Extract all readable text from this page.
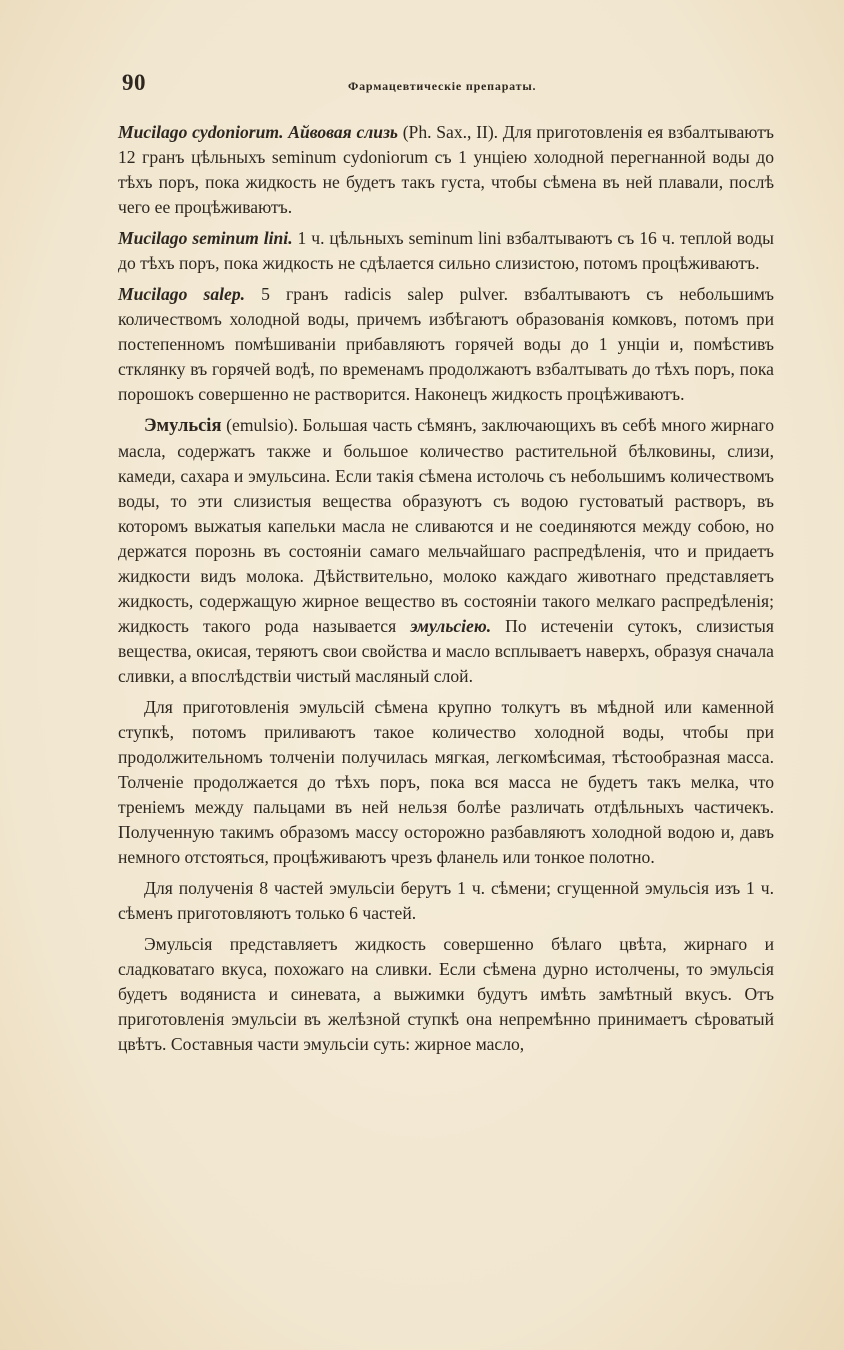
90	Фармацевтическіе препараты.

Mucilago cydoniorum. Айвовая слизь (Ph. Sax., II). Для приготовленія ея взбалтываютъ 12 гранъ цѣльныхъ seminum cydoniorum съ 1 унціею холодной перегнанной воды до тѣхъ поръ, пока жидкость не будетъ такъ густа, чтобы сѣмена въ ней плавали, послѣ чего ее процѣживаютъ.

Mucilago seminum lini. 1 ч. цѣльныхъ seminum lini взбалтываютъ съ 16 ч. теплой воды до тѣхъ поръ, пока жидкость не сдѣлается сильно слизистою, потомъ процѣживаютъ.

Mucilago salep. 5 гранъ radicis salep pulver. взбалтываютъ съ небольшимъ количествомъ холодной воды, причемъ избѣгаютъ образованія комковъ, потомъ при постепенномъ помѣшиваніи прибавляютъ горячей воды до 1 унціи и, помѣстивъ стклянку въ горячей водѣ, по временамъ продолжаютъ взбалтывать до тѣхъ поръ, пока порошокъ совершенно не растворится. Наконецъ жидкость процѣживаютъ.

Эмульсія (emulsio). Большая часть сѣмянъ, заключающихъ въ себѣ много жирнаго масла, содержатъ также и большое количество растительной бѣлковины, слизи, камеди, сахара и эмульсина. Если такія сѣмена истолочь съ небольшимъ количествомъ воды, то эти слизистыя вещества образуютъ съ водою густоватый растворъ, въ которомъ выжатыя капельки масла не сливаются и не соединяются между собою, но держатся порознь въ состояніи самаго мельчайшаго распредѣленія, что и придаетъ жидкости видъ молока. Дѣйствительно, молоко каждаго животнаго представляетъ жидкость, содержащую жирное вещество въ состояніи такого мелкаго распредѣленія; жидкость такого рода называется эмульсіею. По истеченіи сутокъ, слизистыя вещества, окисая, теряютъ свои свойства и масло всплываетъ наверхъ, образуя сначала сливки, а впослѣдствіи чистый масляный слой.

Для приготовленія эмульсій сѣмена крупно толкутъ въ мѣдной или каменной ступкѣ, потомъ приливаютъ такое количество холодной воды, чтобы при продолжительномъ толченіи получилась мягкая, легкомѣсимая, тѣстообразная масса. Толченіе продолжается до тѣхъ поръ, пока вся масса не будетъ такъ мелка, что треніемъ между пальцами въ ней нельзя болѣе различать отдѣльныхъ частичекъ. Полученную такимъ образомъ массу осторожно разбавляютъ холодной водою и, давъ немного отстояться, процѣживаютъ чрезъ фланель или тонкое полотно.

Для полученія 8 частей эмульсіи берутъ 1 ч. сѣмени; сгущенной эмульсія изъ 1 ч. сѣменъ приготовляютъ только 6 частей.

Эмульсія представляетъ жидкость совершенно бѣлаго цвѣта, жирнаго и сладковатаго вкуса, похожаго на сливки. Если сѣмена дурно истолчены, то эмульсія будетъ водяниста и синевата, а выжимки будутъ имѣть замѣтный вкусъ. Отъ приготовленія эмульсіи въ желѣзной ступкѣ она непремѣнно принимаетъ сѣроватый цвѣтъ. Составныя части эмульсіи суть: жирное масло,
